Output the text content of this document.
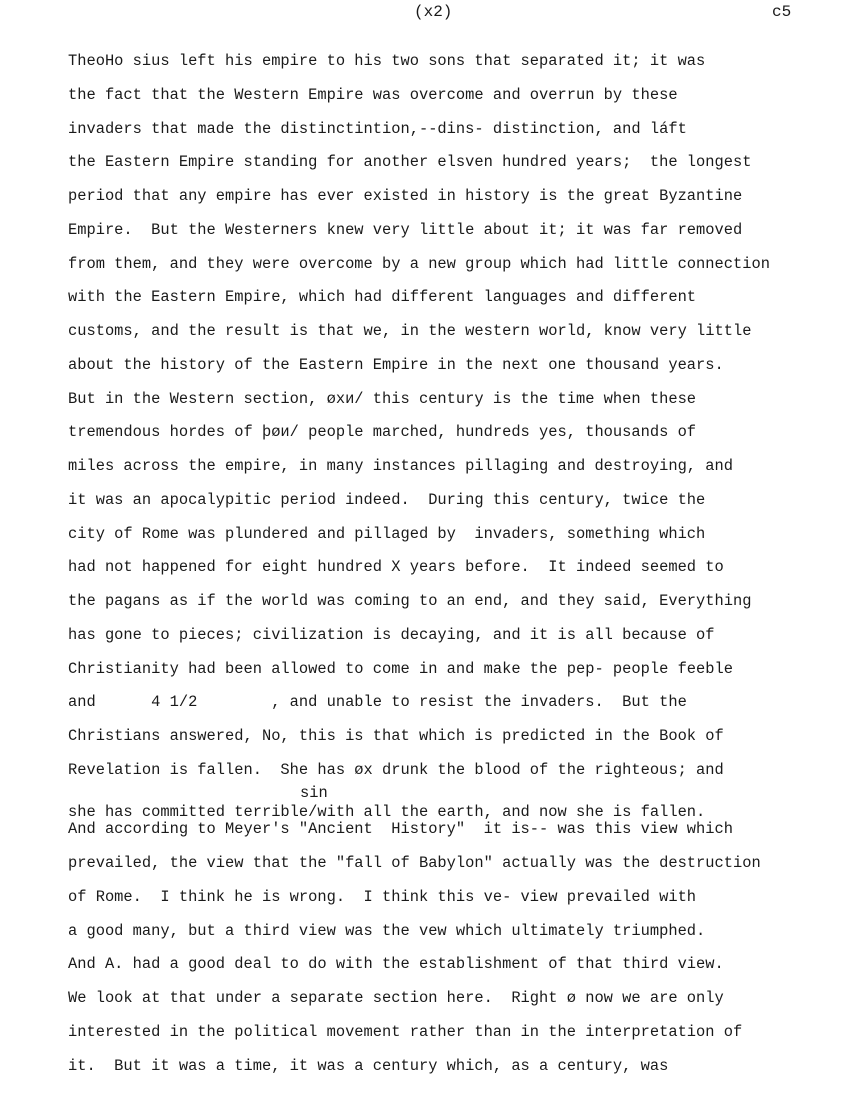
(x2)	c5
TheoНo sius left his empire to his two sons that separated it; it was
the fact that the Western Empire was overcome and overrun by these
invaders that made the distinctintion,--dins- distinction, and láft
the Eastern Empire standing for another elsven hundred years;  the longest
period that any empire has ever existed in history is the great Byzantine
Empire.  But the Westerners knew very little about it; it was far removed
from them, and they were overcome by a new group which had little connection
with the Eastern Empire, which had different languages and different
customs, and the result is that we, in the western world, know very little
about the history of the Eastern Empire in the next one thousand years.
But in the Western section, øхи/ this century is the time when these
tremendous hordes of þøи/ people marched, hundreds yes, thousands of
miles across the empire, in many instances pillaging and destroying, and
it was an apocalypitic period indeed.  During this century, twice the
city of Rome was plundered and pillaged by  invaders, something which
had not happened for eight hundred Х years before.  It indeed seemed to
the pagans as if the world was coming to an end, and they said, Everything
has gone to pieces; civilization is decaying, and it is all because of
Christianity had been allowed to come in and make the pep- people feeble
and      4 1/2        , and unable to resist the invaders.  But the
Christians answered, No, this is that which is predicted in the Book of
Revelation is fallen.  She has øх drunk the blood of the righteous; and
sin
she has committed terrible/with all the earth, and now she is fallen.
And according to Meyer's "Ancient  History"  it is-- was this view which
prevailed, the view that the "fall of Babylon" actually was the destruction
of Rome.  I think he is wrong.  I think this ve- view prevailed with
a good many, but a third view was the vew which ultimately triumphed.
And A. had a good deal to do with the establishment of that third view.
We look at that under a separate section here.  Right ø now we are only
interested in the political movement rather than in the interpretation of
it.  But it was a time, it was a century which, as a century, was
